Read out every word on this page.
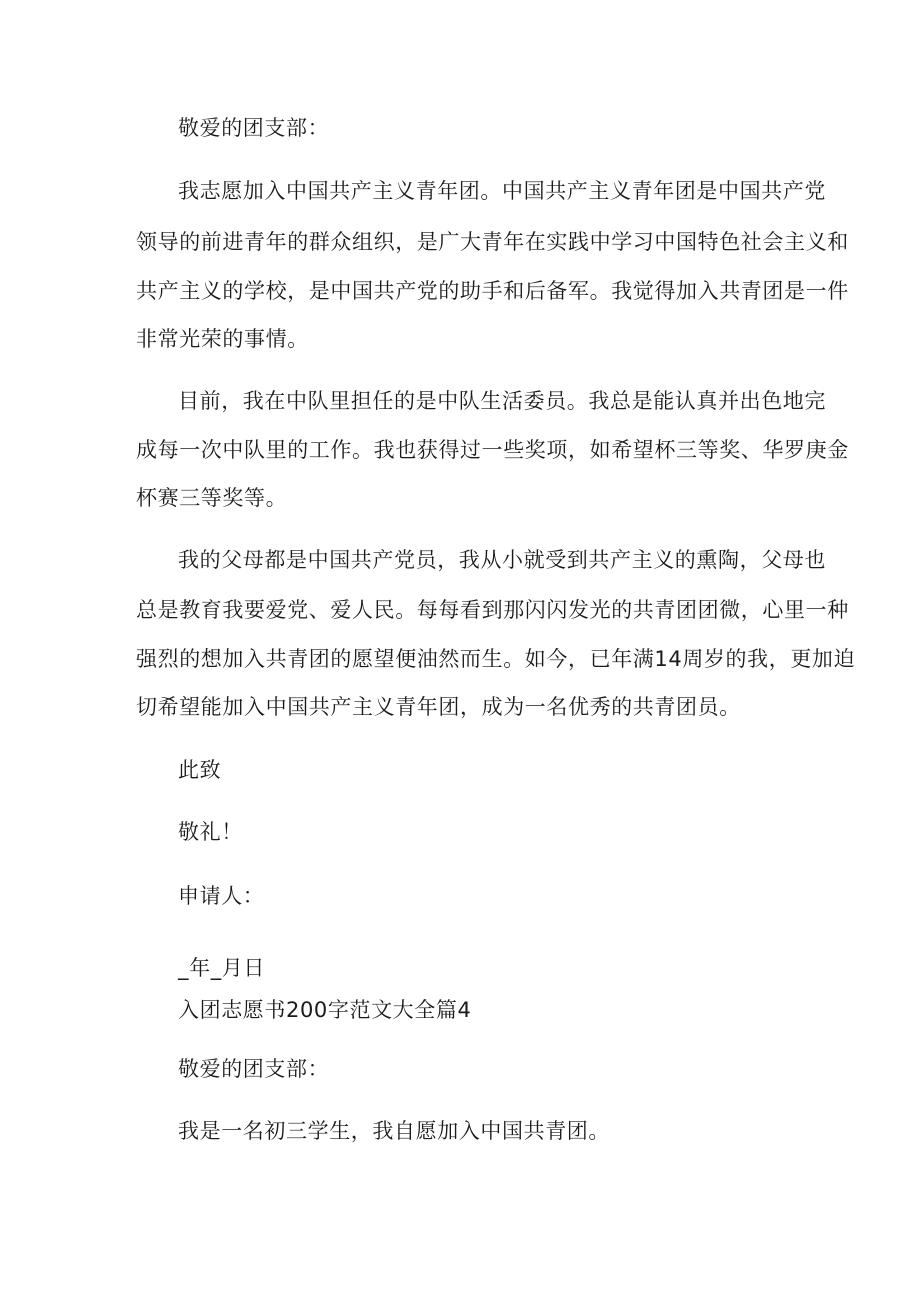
敬爱的团支部：
我志愿加入中国共产主义青年团。中国共产主义青年团是中国共产党
领导的前进青年的群众组织，是广大青年在实践中学习中国特色社会主义和
共产主义的学校，是中国共产党的助手和后备军。我觉得加入共青团是一件
非常光荣的事情。
目前，我在中队里担任的是中队生活委员。我总是能认真并出色地完
成每一次中队里的工作。我也获得过一些奖项，如希望杯三等奖、华罗庚金
杯赛三等奖等。
我的父母都是中国共产党员，我从小就受到共产主义的熏陶，父母也
总是教育我要爱党、爱人民。每每看到那闪闪发光的共青团团微，心里一种
强烈的想加入共青团的愿望便油然而生。如今，已年满14周岁的我，更加迫
切希望能加入中国共产主义青年团，成为一名优秀的共青团员。
此致
敬礼！
申请人：
_年_月日
入团志愿书200字范文大全篇4
敬爱的团支部：
我是一名初三学生，我自愿加入中国共青团。
